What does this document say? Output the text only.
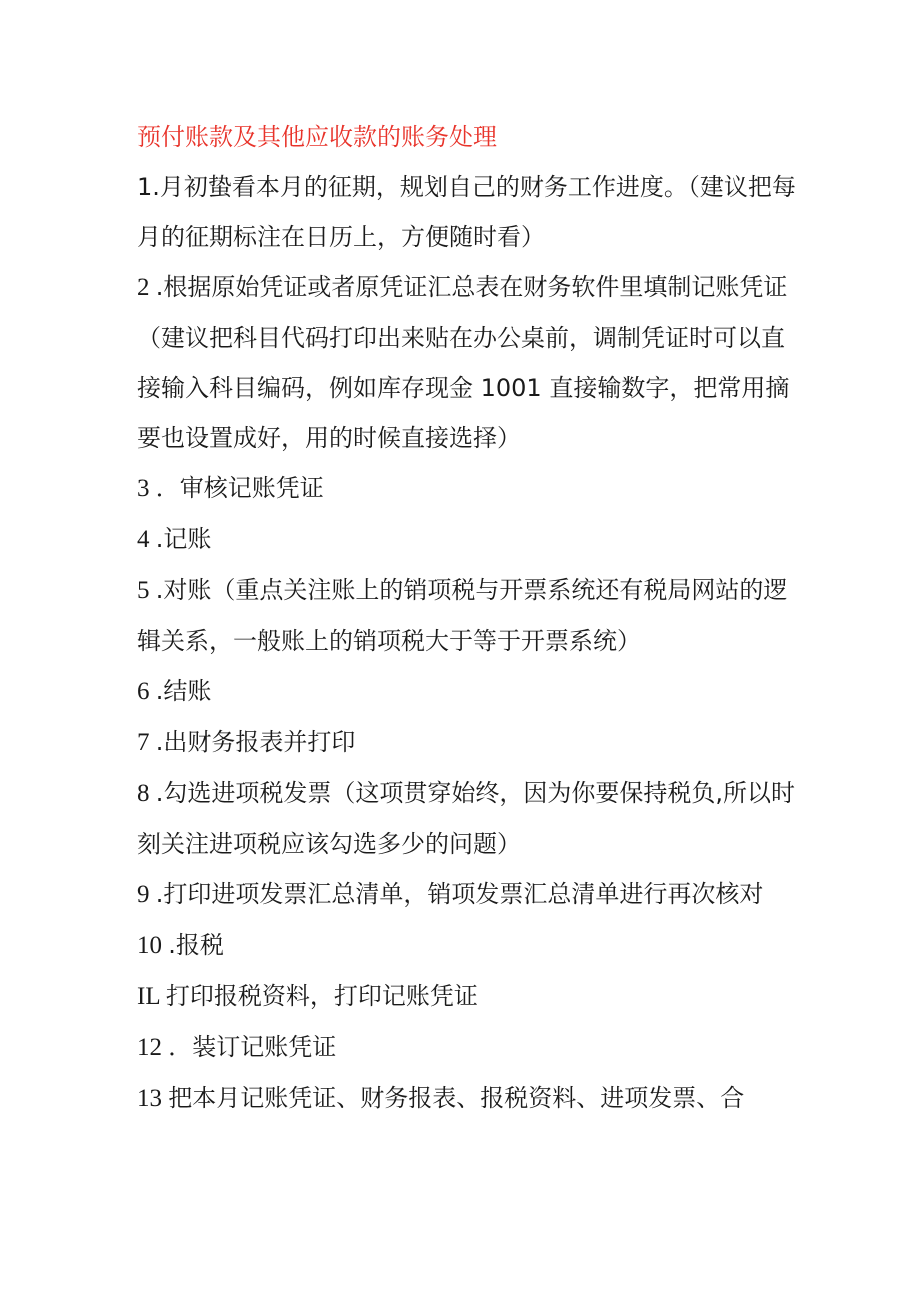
预付账款及其他应收款的账务处理

1.月初蛰看本月的征期，规划自己的财务工作进度。（建议把每月的征期标注在日历上，方便随时看）

2 .根据原始凭证或者原凭证汇总表在财务软件里填制记账凭证（建议把科目代码打印出来贴在办公桌前，调制凭证时可以直接输入科目编码，例如库存现金 1001 直接输数字，把常用摘要也设置成好，用的时候直接选择）

3 ．审核记账凭证

4 .记账

5 .对账（重点关注账上的销项税与开票系统还有税局网站的逻辑关系，一般账上的销项税大于等于开票系统）

6 .结账

7 .出财务报表并打印

8 .勾选进项税发票（这项贯穿始终，因为你要保持税负,所以时刻关注进项税应该勾选多少的问题）

9 .打印进项发票汇总清单，销项发票汇总清单进行再次核对

10 .报税

IL 打印报税资料，打印记账凭证

12 ．装订记账凭证

13 把本月记账凭证、财务报表、报税资料、进项发票、合
